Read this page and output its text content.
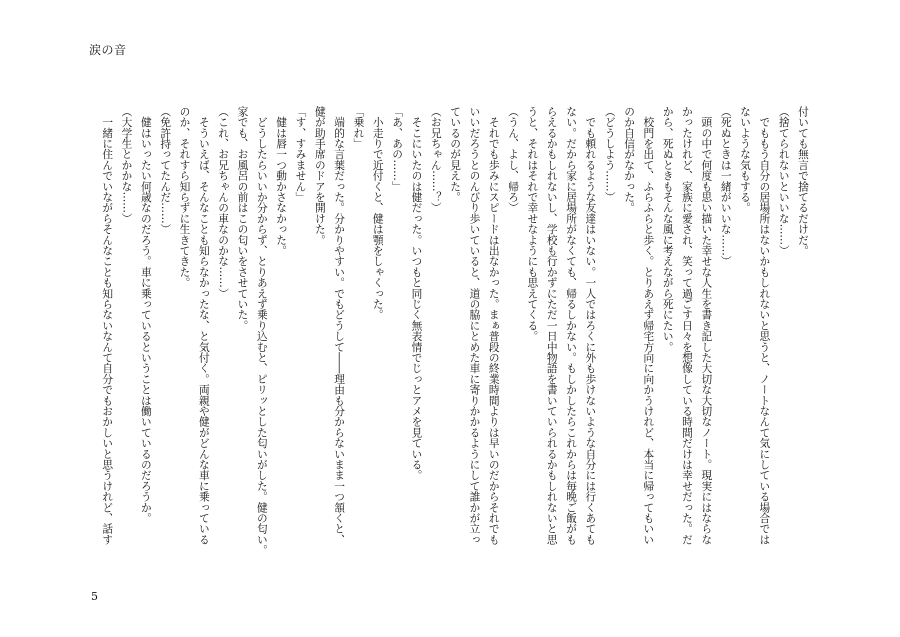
涙の音
付いても無言で捨てるだけだ。
（捨てられないといいな……）
　でももう自分の居場所はないかもしれないと思うと、ノートなんて気にしている場合では
ないような気もする。
（死ぬときは一緒がいいな……）
　頭の中で何度も思い描いた幸せな人生を書き記した大切な大切なノート。現実にはならな
かったけれど、家族に愛され、笑って過ごす日々を想像している時間だけは幸せだった。だ
から、死ぬときもそんな風に考えながら死にたい。
　校門を出て、ふらふらと歩く。とりあえず帰宅方向に向かうけれど、本当に帰ってもいい
のか自信がなかった。
（どうしよう……）
　でも頼れるような友達はいない。一人ではろくに外も歩けないような自分には行くあても
ない。だから家に居場所がなくても、帰るしかない。もしかしたらこれからは毎晩ご飯がも
らえるかもしれないし、学校も行かずにただ一日中物語を書いていられるかもしれないと思
うと、それはそれで幸せなようにも思えてくる。
（うん、よし、帰ろ）
　それでも歩みにスピードは出なかった。まぁ普段の終業時間よりは早いのだからそれでも
いいだろうとのんびり歩いていると、道の脇にとめた車に寄りかかるようにして誰かが立っ
ているのが見えた。
（お兄ちゃん……？）
　そこにいたのは健だった。いつもと同じく無表情でじっとアメを見ている。
「あ、あの……」
　小走りで近付くと、健は顎をしゃくった。
「乗れ」
　端的な言葉だった。分かりやすい。でもどうして――理由も分からないまま一つ頷くと、
健が助手席のドアを開けた。
「す、すみません」
　健は唇一つ動かさなかった。
　どうしたらいいか分からず、とりあえず乗り込むと、ピリッとした匂いがした。健の匂い。
家でも、お風呂の前はこの匂いをさせていた。
（これ、お兄ちゃんの車なのかな……）
　そういえば、そんなことも知らなかったな、と気付く。両親や健がどんな車に乗っている
のか、それすら知らずに生きてきた。
（免許持ってたんだ……）
　健はいったい何歳なのだろう。車に乗っているということは働いているのだろうか。
（大学生とかかな……）
　一緒に住んでいながらそんなことも知らないなんて自分でもおかしいと思うけれど、話す
5
